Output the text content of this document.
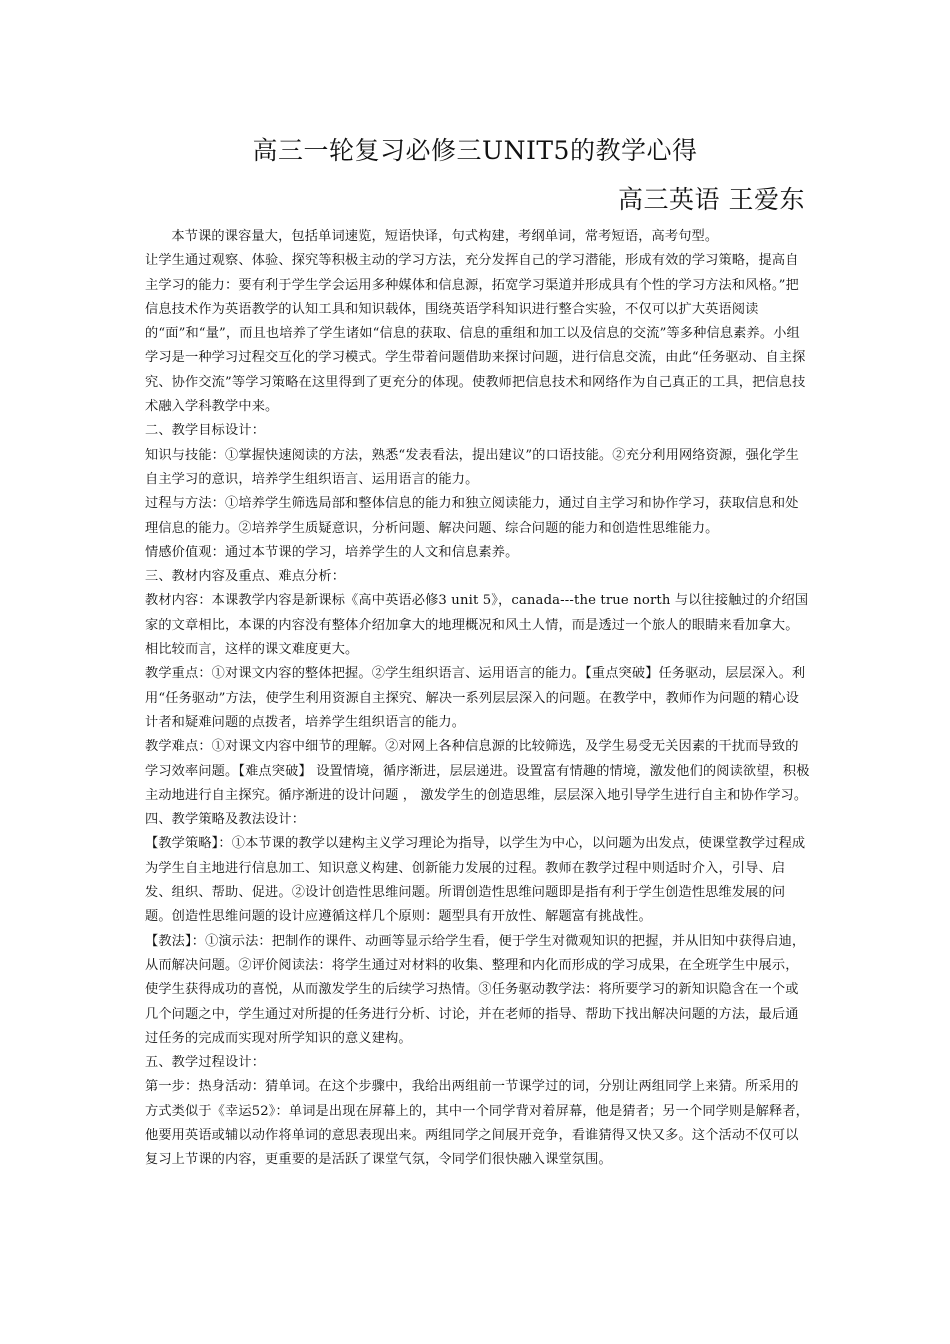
高三一轮复习必修三UNIT5的教学心得
高三英语 王爱东

本节课的课容量大，包括单词速览，短语快译，句式构建，考纲单词，常考短语，高考句型。

让学生通过观察、体验、探究等积极主动的学习方法，充分发挥自己的学习潜能，形成有效的学习策略，提高自主学习的能力：要有利于学生学会运用多种媒体和信息源，拓宽学习渠道并形成具有个性的学习方法和风格。”把信息技术作为英语教学的认知工具和知识载体，围绕英语学科知识进行整合实验，不仅可以扩大英语阅读的“面”和“量”，而且也培养了学生诸如“信息的获取、信息的重组和加工以及信息的交流”等多种信息素养。小组学习是一种学习过程交互化的学习模式。学生带着问题借助来探讨问题，进行信息交流，由此“任务驱动、自主探究、协作交流”等学习策略在这里得到了更充分的体现。使教师把信息技术和网络作为自己真正的工具，把信息技术融入学科教学中来。

二、教学目标设计：

知识与技能：①掌握快速阅读的方法，熟悉“发表看法，提出建议”的口语技能。②充分利用网络资源，强化学生自主学习的意识，培养学生组织语言、运用语言的能力。

过程与方法：①培养学生筛选局部和整体信息的能力和独立阅读能力，通过自主学习和协作学习，获取信息和处理信息的能力。②培养学生质疑意识，分析问题、解决问题、综合问题的能力和创造性思维能力。

情感价值观：通过本节课的学习，培养学生的人文和信息素养。

三、教材内容及重点、难点分析：

教材内容：本课教学内容是新课标《高中英语必修3 unit 5》，canada---the true north 与以往接触过的介绍国家的文章相比，本课的内容没有整体介绍加拿大的地理概况和风土人情，而是透过一个旅人的眼睛来看加拿大。相比较而言，这样的课文难度更大。

教学重点：①对课文内容的整体把握。②学生组织语言、运用语言的能力。【重点突破】任务驱动，层层深入。利用“任务驱动”方法，使学生利用资源自主探究、解决一系列层层深入的问题。在教学中，教师作为问题的精心设计者和疑难问题的点拨者，培养学生组织语言的能力。

教学难点：①对课文内容中细节的理解。②对网上各种信息源的比较筛选，及学生易受无关因素的干扰而导致的学习效率问题。【难点突破】 设置情境，循序渐进，层层递进。设置富有情趣的情境，激发他们的阅读欲望，积极主动地进行自主探究。循序渐进的设计问题 ， 激发学生的创造思维，层层深入地引导学生进行自主和协作学习。

四、教学策略及教法设计：

【教学策略】：①本节课的教学以建构主义学习理论为指导，以学生为中心，以问题为出发点，使课堂教学过程成为学生自主地进行信息加工、知识意义构建、创新能力发展的过程。教师在教学过程中则适时介入，引导、启发、组织、帮助、促进。②设计创造性思维问题。所谓创造性思维问题即是指有利于学生创造性思维发展的问题。创造性思维问题的设计应遵循这样几个原则：题型具有开放性、解题富有挑战性。

【教法】：①演示法：把制作的课件、动画等显示给学生看，便于学生对微观知识的把握，并从旧知中获得启迪，从而解决问题。②评价阅读法：将学生通过对材料的收集、整理和内化而形成的学习成果，在全班学生中展示，使学生获得成功的喜悦，从而激发学生的后续学习热情。③任务驱动教学法：将所要学习的新知识隐含在一个或几个问题之中，学生通过对所提的任务进行分析、讨论，并在老师的指导、帮助下找出解决问题的方法，最后通过任务的完成而实现对所学知识的意义建构。

五、教学过程设计：

第一步：热身活动：猜单词。在这个步骤中，我给出两组前一节课学过的词，分别让两组同学上来猜。所采用的方式类似于《幸运52》：单词是出现在屏幕上的，其中一个同学背对着屏幕，他是猜者；另一个同学则是解释者，他要用英语或辅以动作将单词的意思表现出来。两组同学之间展开竞争，看谁猜得又快又多。这个活动不仅可以复习上节课的内容，更重要的是活跃了课堂气氛，令同学们很快融入课堂氛围。
